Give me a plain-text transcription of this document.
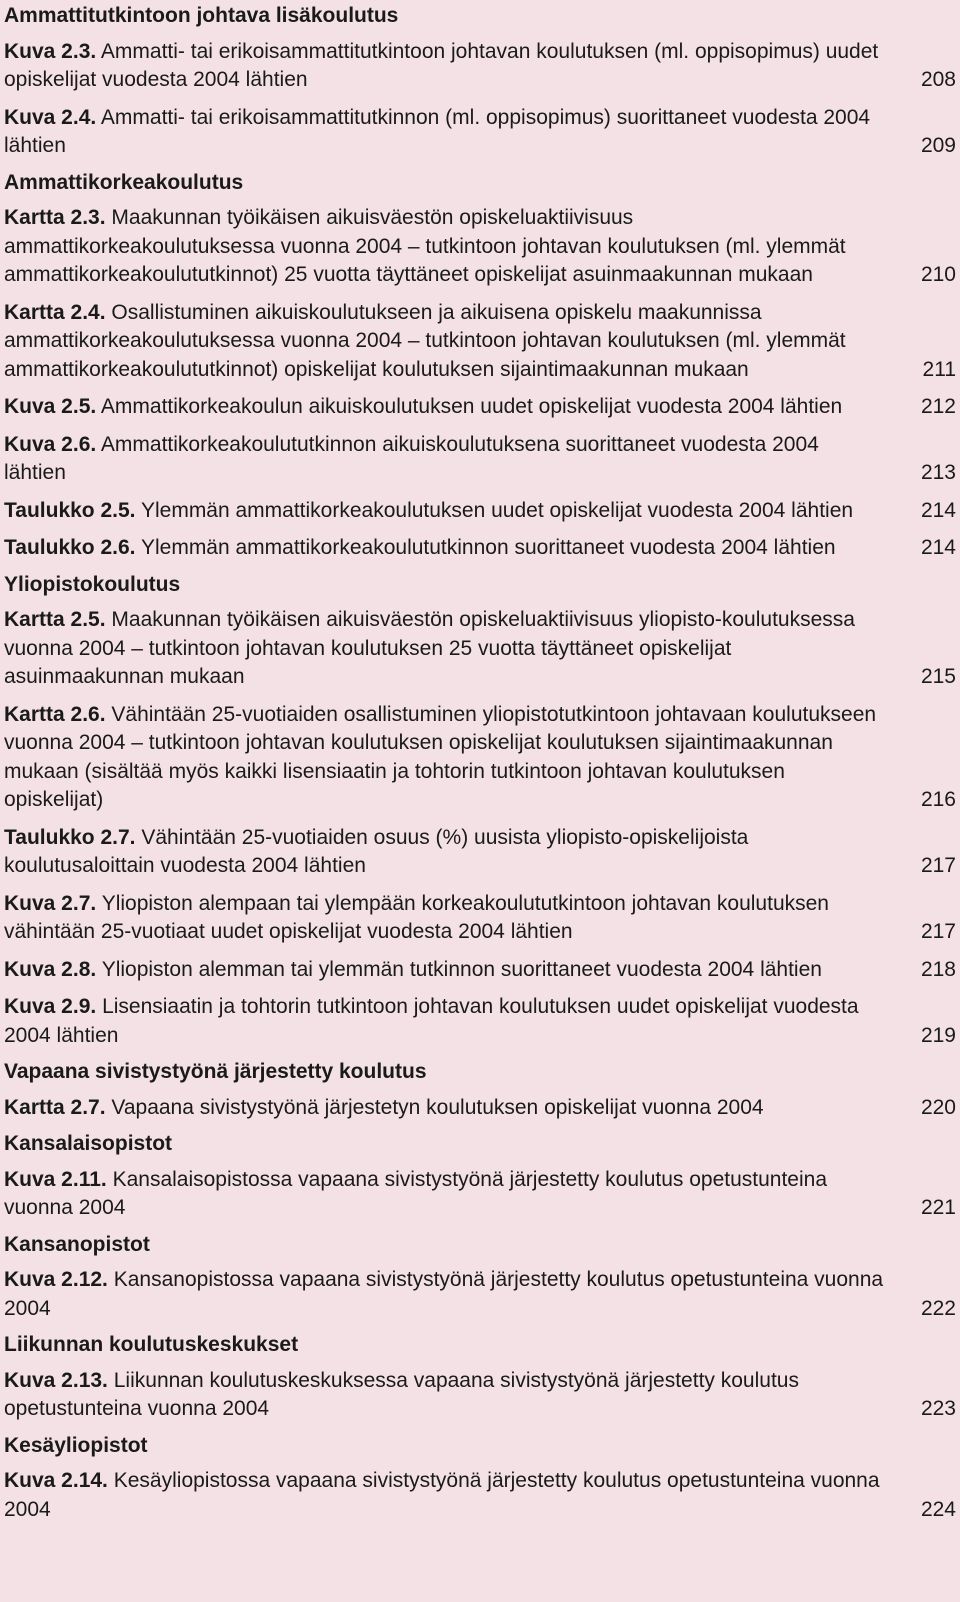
Ammattitutkintoon johtava lisäkoulutus
Kuva 2.3. Ammatti- tai erikoisammattitutkintoon johtavan koulutuksen (ml. oppisopimus) uudet opiskelijat vuodesta 2004 lähtien	208
Kuva 2.4. Ammatti- tai erikoisammattitutkinnon (ml. oppisopimus) suorittaneet vuodesta 2004 lähtien	209
Ammattikorkeakoulutus
Kartta 2.3. Maakunnan työikäisen aikuisväestön opiskeluaktiivisuus ammattikorkeakoulutuksessa vuonna 2004 – tutkintoon johtavan koulutuksen (ml. ylemmät ammattikorkeakoulututkinnot) 25 vuotta täyttäneet opiskelijat asuinmaakunnan mukaan	210
Kartta 2.4. Osallistuminen aikuiskoulutukseen ja aikuisena opiskelu maakunnissa ammattikorkeakoulutuksessa vuonna 2004 – tutkintoon johtavan koulutuksen (ml. ylemmät ammattikorkeakoulututkinnot) opiskelijat koulutuksen sijaintimaakunnan mukaan	211
Kuva 2.5. Ammattikorkeakoulun aikuiskoulutuksen uudet opiskelijat vuodesta 2004 lähtien	212
Kuva 2.6. Ammattikorkeakoulututkinnon aikuiskoulutuksena suorittaneet vuodesta 2004 lähtien	213
Taulukko 2.5. Ylemmän ammattikorkeakoulutuksen uudet opiskelijat vuodesta 2004 lähtien	214
Taulukko 2.6. Ylemmän ammattikorkeakoulututkinnon suorittaneet vuodesta 2004 lähtien	214
Yliopistokoulutus
Kartta 2.5. Maakunnan työikäisen aikuisväestön opiskeluaktiivisuus yliopisto-koulutuksessa vuonna 2004 – tutkintoon johtavan koulutuksen 25 vuotta täyttäneet opiskelijat asuinmaakunnan mukaan	215
Kartta 2.6. Vähintään 25-vuotiaiden osallistuminen yliopistotutkintoon johtavaan koulutukseen vuonna 2004 – tutkintoon johtavan koulutuksen opiskelijat koulutuksen sijaintimaakunnan mukaan (sisältää myös kaikki lisensiaatin ja tohtorin tutkintoon johtavan koulutuksen opiskelijat)	216
Taulukko 2.7. Vähintään 25-vuotiaiden osuus (%) uusista yliopisto-opiskelijoista koulutusaloittain vuodesta 2004 lähtien	217
Kuva 2.7. Yliopiston alempaan tai ylempään korkeakoulututkintoon johtavan koulutuksen vähintään 25-vuotiaat uudet opiskelijat vuodesta 2004 lähtien	217
Kuva 2.8. Yliopiston alemman tai ylemmän tutkinnon suorittaneet vuodesta 2004 lähtien	218
Kuva 2.9. Lisensiaatin ja tohtorin tutkintoon johtavan koulutuksen uudet opiskelijat vuodesta 2004 lähtien	219
Vapaana sivistystyönä järjestetty koulutus
Kartta 2.7. Vapaana sivistystyönä järjestetyn koulutuksen opiskelijat vuonna 2004	220
Kansalaisopistot
Kuva 2.11. Kansalaisopistossa vapaana sivistystyönä järjestetty koulutus opetustunteina vuonna 2004	221
Kansanopistot
Kuva 2.12. Kansanopistossa vapaana sivistystyönä järjestetty koulutus opetustunteina vuonna 2004	222
Liikunnan koulutuskeskukset
Kuva 2.13. Liikunnan koulutuskeskuksessa vapaana sivistystyönä järjestetty koulutus opetustunteina vuonna 2004	223
Kesäyliopistot
Kuva 2.14. Kesäyliopistossa vapaana sivistystyönä järjestetty koulutus opetustunteina vuonna 2004	224
